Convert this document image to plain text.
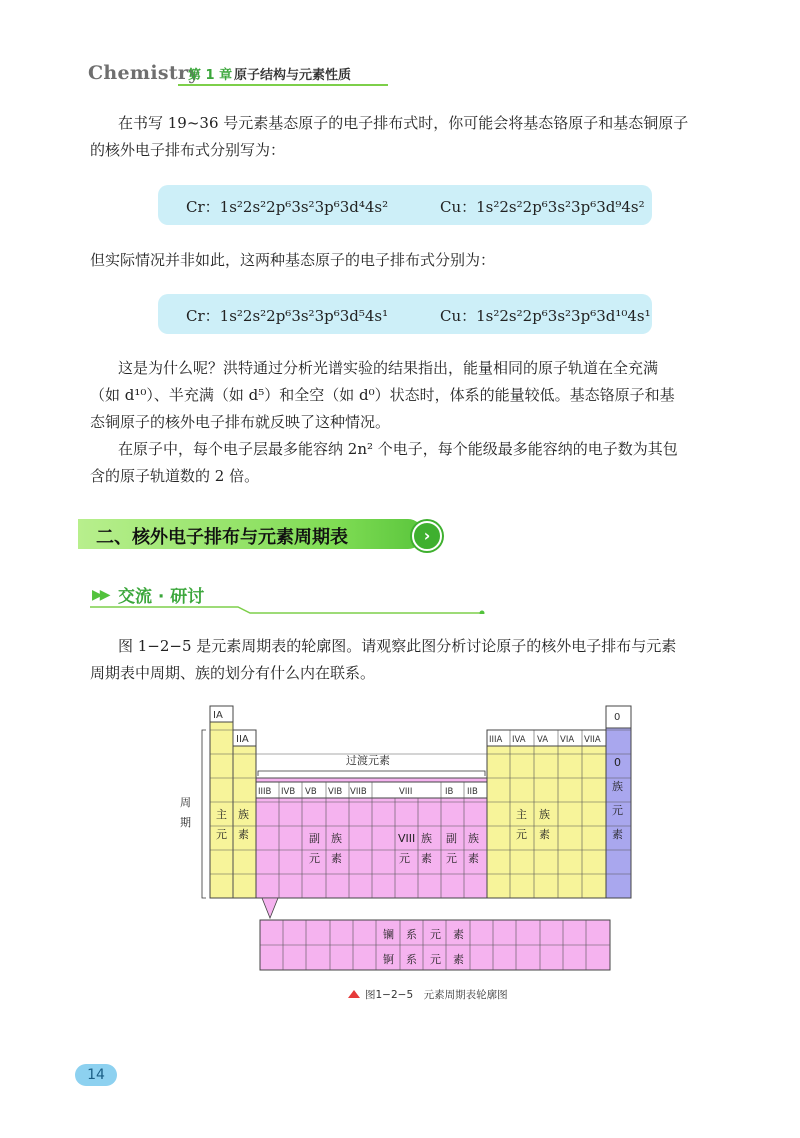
Chemistry
第 1 章 原子结构与元素性质
在书写 19~36 号元素基态原子的电子排布式时，你可能会将基态铬原子和基态铜原子
的核外电子排布式分别写为：
Cr：1s²2s²2p⁶3s²3p⁶3d⁴4s²	Cu：1s²2s²2p⁶3s²3p⁶3d⁹4s²
但实际情况并非如此，这两种基态原子的电子排布式分别为：
Cr：1s²2s²2p⁶3s²3p⁶3d⁵4s¹	Cu：1s²2s²2p⁶3s²3p⁶3d¹⁰4s¹
这是为什么呢？洪特通过分析光谱实验的结果指出，能量相同的原子轨道在全充满
（如 d¹⁰）、半充满（如 d⁵）和全空（如 d⁰）状态时，体系的能量较低。基态铬原子和基
态铜原子的核外电子排布就反映了这种情况。
在原子中，每个电子层最多能容纳 2n² 个电子，每个能级最多能容纳的电子数为其包
含的原子轨道数的 2 倍。
二、核外电子排布与元素周期表	›
▶▶ 交流 · 研讨
图 1−2−5 是元素周期表的轮廓图。请观察此图分析讨论原子的核外电子排布与元素
周期表中周期、族的划分有什么内在联系。
IA
IIA
IIIB IVB VB VIB VIIB	VIII	IB IIB
IIIA IVA VA VIA VIIA
0
过渡元素
周
期
主 族
元 素	副 族
元 素
VIII 族
元 素
副 族
元 素
主 族
元 素
0
族
元
素
镧 系 元 素
锕 系 元 素
图1−2−5　元素周期表轮廓图
14
